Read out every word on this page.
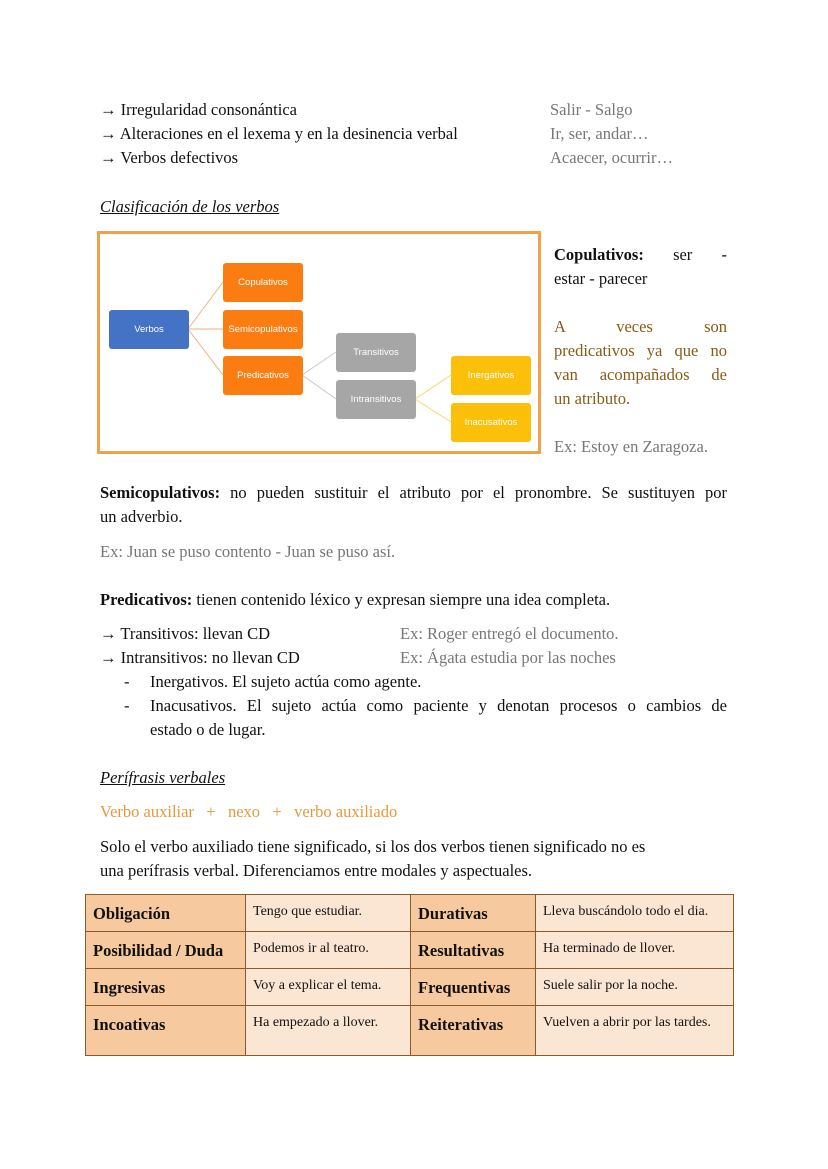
→ Irregularidad consonántica	Salir - Salgo
→ Alteraciones en el lexema y en la desinencia verbal	Ir, ser, andar…
→ Verbos defectivos	Acaecer, ocurrir…
Clasificación de los verbos
Verbos
Copulativos
Semicopulativos
Predicativos
Transitivos
Intransitivos
Inergativos
Inacusativos
Copulativos: ser -
estar - parecer
A veces son
predicativos ya que no
van acompañados de
un atributo.
Ex: Estoy en Zaragoza.
Semicopulativos: no pueden sustituir el atributo por el pronombre. Se sustituyen por
un adverbio.
Ex: Juan se puso contento - Juan se puso así.
Predicativos: tienen contenido léxico y expresan siempre una idea completa.
→ Transitivos: llevan CD	Ex: Roger entregó el documento.
→ Intransitivos: no llevan CD	Ex: Ágata estudia por las noches
- Inergativos. El sujeto actúa como agente.
- Inacusativos. El sujeto actúa como paciente y denotan procesos o cambios de
estado o de lugar.
Perífrasis verbales
Verbo auxiliar   +   nexo   +   verbo auxiliado
Solo el verbo auxiliado tiene significado, si los dos verbos tienen significado no es
una perífrasis verbal. Diferenciamos entre modales y aspectuales.
Obligación	Tengo que estudiar.	Durativas	Lleva buscándolo todo el dia.
Posibilidad / Duda	Podemos ir al teatro.	Resultativas	Ha terminado de llover.
Ingresivas	Voy a explicar el tema.	Frequentivas	Suele salir por la noche.
Incoativas	Ha empezado a llover.	Reiterativas	Vuelven a abrir por las tardes.
